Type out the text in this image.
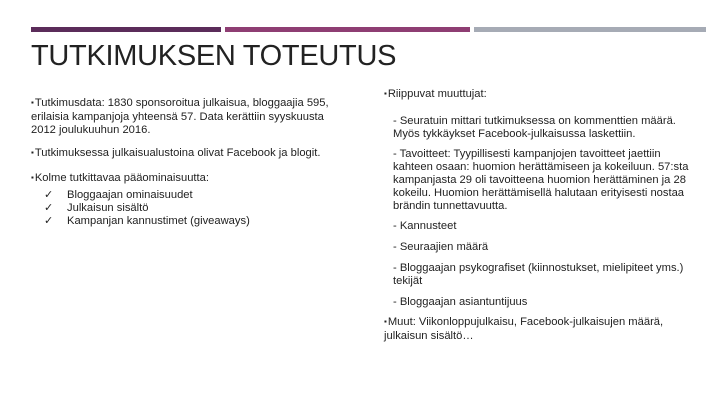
TUTKIMUKSEN TOTEUTUS

▪ Tutkimusdata: 1830 sponsoroitua julkaisua, bloggaajia 595, erilaisia kampanjoja yhteensä 57. Data kerättiin syyskuusta 2012 joulukuuhun 2016.

▪ Tutkimuksessa julkaisualustoina olivat Facebook ja blogit.

▪ Kolme tutkittavaa pääominaisuutta:

✓ Bloggaajan ominaisuudet
✓ Julkaisun sisältö
✓ Kampanjan kannustimet (giveaways)

▪ Riippuvat muuttujat:

- Seuratuin mittari tutkimuksessa on kommenttien määrä. Myös tykkäykset Facebook-julkaisussa laskettiin.

- Tavoitteet: Tyypillisesti kampanjojen tavoitteet jaettiin kahteen osaan: huomion herättämiseen ja kokeiluun. 57:sta kampanjasta 29 oli tavoitteena huomion herättäminen ja 28 kokeilu. Huomion herättämisellä halutaan erityisesti nostaa brändin tunnettavuutta.

- Kannusteet

- Seuraajien määrä

- Bloggaajan psykografiset (kiinnostukset, mielipiteet yms.) tekijät

- Bloggaajan asiantuntijuus

▪ Muut: Viikonloppujulkaisu, Facebook-julkaisujen määrä, julkaisun sisältö…
